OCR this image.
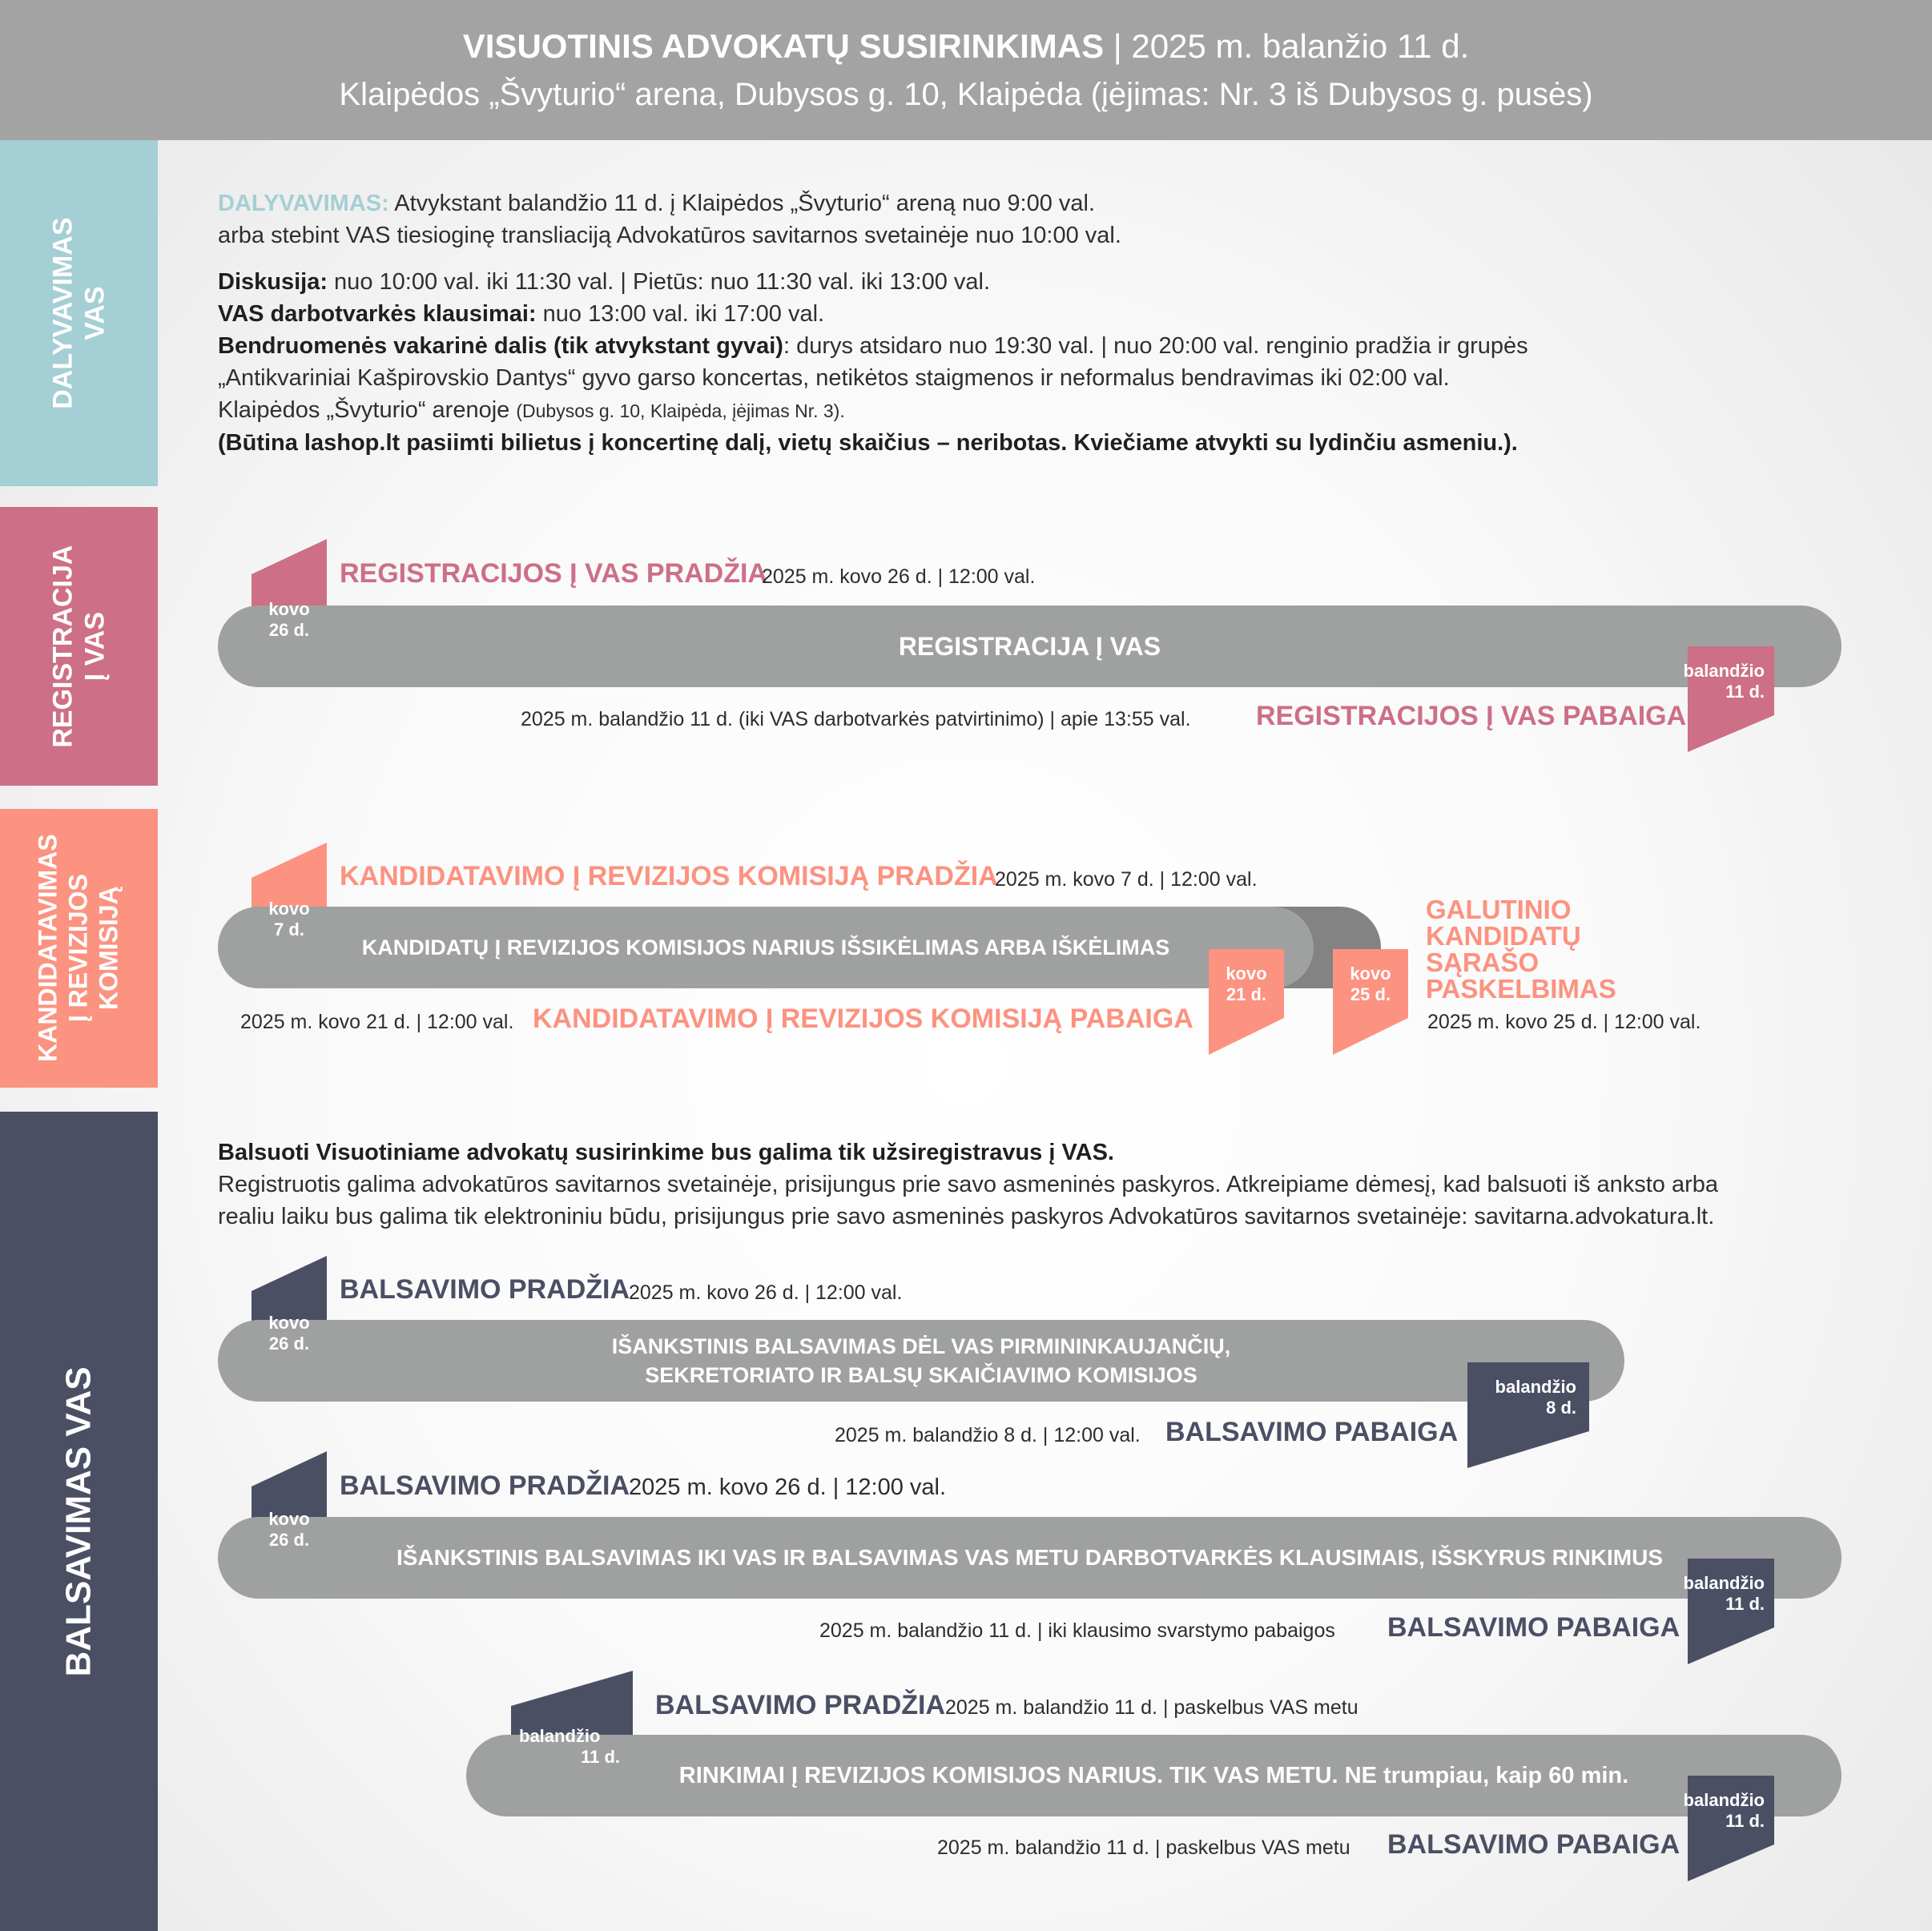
VISUOTINIS ADVOKATŲ SUSIRINKIMAS | 2025 m. balanžio 11 d.
Klaipėdos „Švyturio“ arena, Dubysos g. 10, Klaipėda (įėjimas: Nr. 3 iš Dubysos g. pusės)
DALYVAVIMAS VAS
REGISTRACIJA Į VAS
KANDIDATAVIMAS Į REVIZIJOS KOMISIJĄ
BALSAVIMAS VAS
DALYVAVIMAS: Atvykstant balandžio 11 d. į Klaipėdos „Švyturio“ areną nuo 9:00 val.
arba stebint VAS tiesioginę transliaciją Advokatūros savitarnos svetainėje nuo 10:00 val.
Diskusija: nuo 10:00 val. iki 11:30 val. | Pietūs: nuo 11:30 val. iki 13:00 val.
VAS darbotvarkės klausimai: nuo 13:00 val. iki 17:00 val.
Bendruomenės vakarinė dalis (tik atvykstant gyvai): durys atsidaro nuo 19:30 val. | nuo 20:00 val. renginio pradžia ir grupės
„Antikvariniai Kašpirovskio Dantys“ gyvo garso koncertas, netikėtos staigmenos ir neformalus bendravimas iki 02:00 val.
Klaipėdos „Švyturio“ arenoje (Dubysos g. 10, Klaipėda, įėjimas Nr. 3).
(Būtina lashop.lt pasiimti bilietus į koncertinę dalį, vietų skaičius – neribotas. Kviečiame atvykti su lydinčiu asmeniu.).
REGISTRACIJOS Į VAS PRADŽIA
2025 m. kovo 26 d. | 12:00 val.
REGISTRACIJA Į VAS
kovo
26 d.
balandžio
11 d.
2025 m. balandžio 11 d. (iki VAS darbotvarkės patvirtinimo) | apie 13:55 val. REGISTRACIJOS Į VAS PABAIGA
KANDIDATAVIMO Į REVIZIJOS KOMISIJĄ PRADŽIA
2025 m. kovo 7 d. | 12:00 val.
KANDIDATŲ Į REVIZIJOS KOMISIJOS NARIUS IŠSIKĖLIMAS ARBA IŠKĖLIMAS
kovo
7 d.
kovo
21 d.
kovo
25 d.
2025 m. kovo 21 d. | 12:00 val. KANDIDATAVIMO Į REVIZIJOS KOMISIJĄ PABAIGA
GALUTINIO
KANDIDATŲ
SĄRAŠO
PASKELBIMAS
2025 m. kovo 25 d. | 12:00 val.
Balsuoti Visuotiniame advokatų susirinkime bus galima tik užsiregistravus į VAS.
Registruotis galima advokatūros savitarnos svetainėje, prisijungus prie savo asmeninės paskyros. Atkreipiame dėmesį, kad balsuoti iš anksto arba
realiu laiku bus galima tik elektroniniu būdu, prisijungus prie savo asmeninės paskyros Advokatūros savitarnos svetainėje: savitarna.advokatura.lt.
BALSAVIMO PRADŽIA
2025 m. kovo 26 d. | 12:00 val.
IŠANKSTINIS BALSAVIMAS DĖL VAS PIRMININKAUJANČIŲ,
SEKRETORIATO IR BALSŲ SKAIČIAVIMO KOMISIJOS
kovo
26 d.
balandžio
8 d.
2025 m. balandžio 8 d. | 12:00 val. BALSAVIMO PABAIGA
BALSAVIMO PRADŽIA
2025 m. kovo 26 d. | 12:00 val.
IŠANKSTINIS BALSAVIMAS IKI VAS IR BALSAVIMAS VAS METU DARBOTVARKĖS KLAUSIMAIS, IŠSKYRUS RINKIMUS
kovo
26 d.
balandžio
11 d.
2025 m. balandžio 11 d. | iki klausimo svarstymo pabaigos BALSAVIMO PABAIGA
BALSAVIMO PRADŽIA 2025 m. balandžio 11 d. | paskelbus VAS metu
RINKIMAI Į REVIZIJOS KOMISIJOS NARIUS. TIK VAS METU. NE trumpiau, kaip 60 min.
balandžio
11 d.
balandžio
11 d.
2025 m. balandžio 11 d. | paskelbus VAS metu BALSAVIMO PABAIGA
